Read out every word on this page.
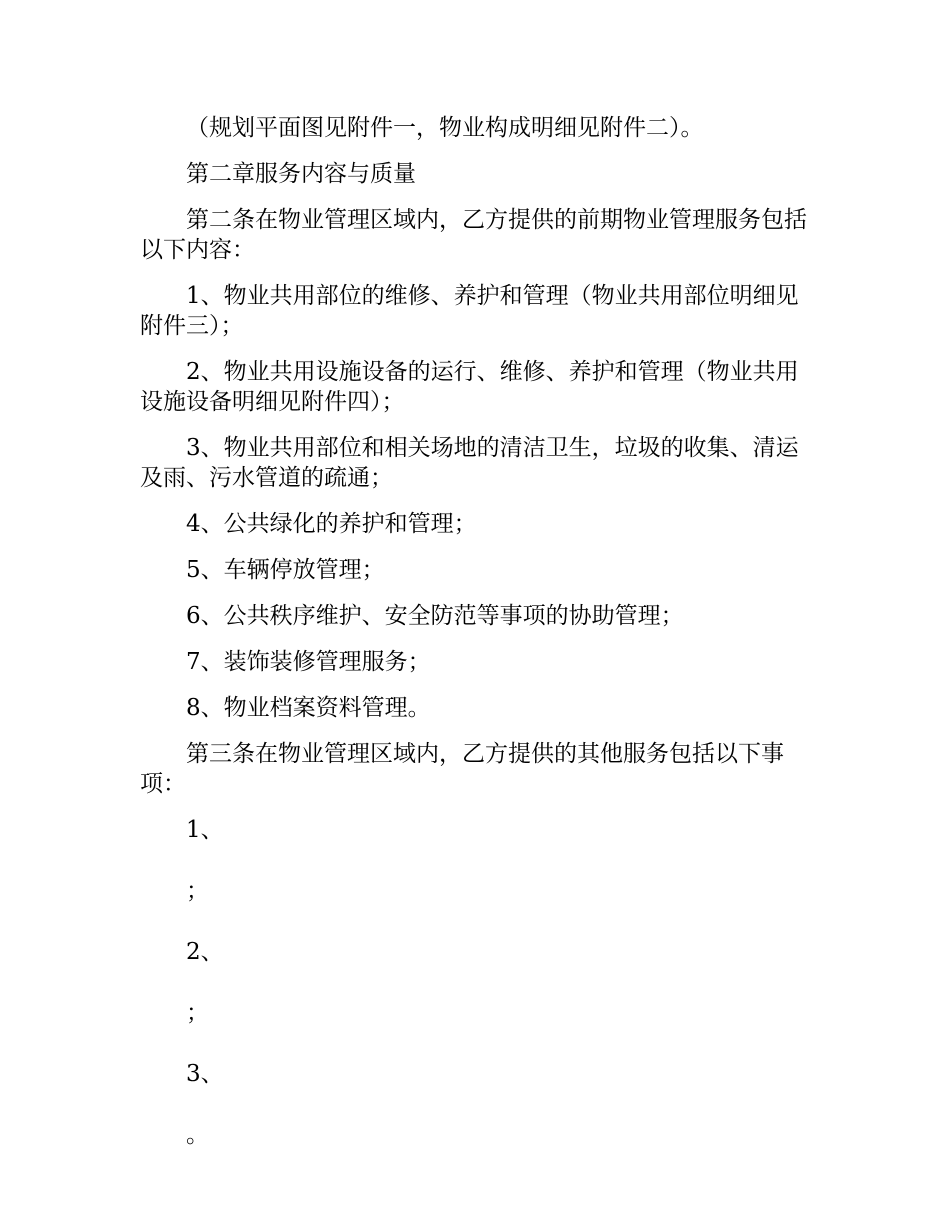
（规划平面图见附件一，物业构成明细见附件二）。

第二章服务内容与质量

第二条在物业管理区域内，乙方提供的前期物业管理服务包括以下内容：

1、物业共用部位的维修、养护和管理（物业共用部位明细见附件三）；

2、物业共用设施设备的运行、维修、养护和管理（物业共用设施设备明细见附件四）；

3、物业共用部位和相关场地的清洁卫生，垃圾的收集、清运及雨、污水管道的疏通；

4、公共绿化的养护和管理；

5、车辆停放管理；

6、公共秩序维护、安全防范等事项的协助管理；

7、装饰装修管理服务；

8、物业档案资料管理。

第三条在物业管理区域内，乙方提供的其他服务包括以下事项：

1、

；

2、

；

3、

。
